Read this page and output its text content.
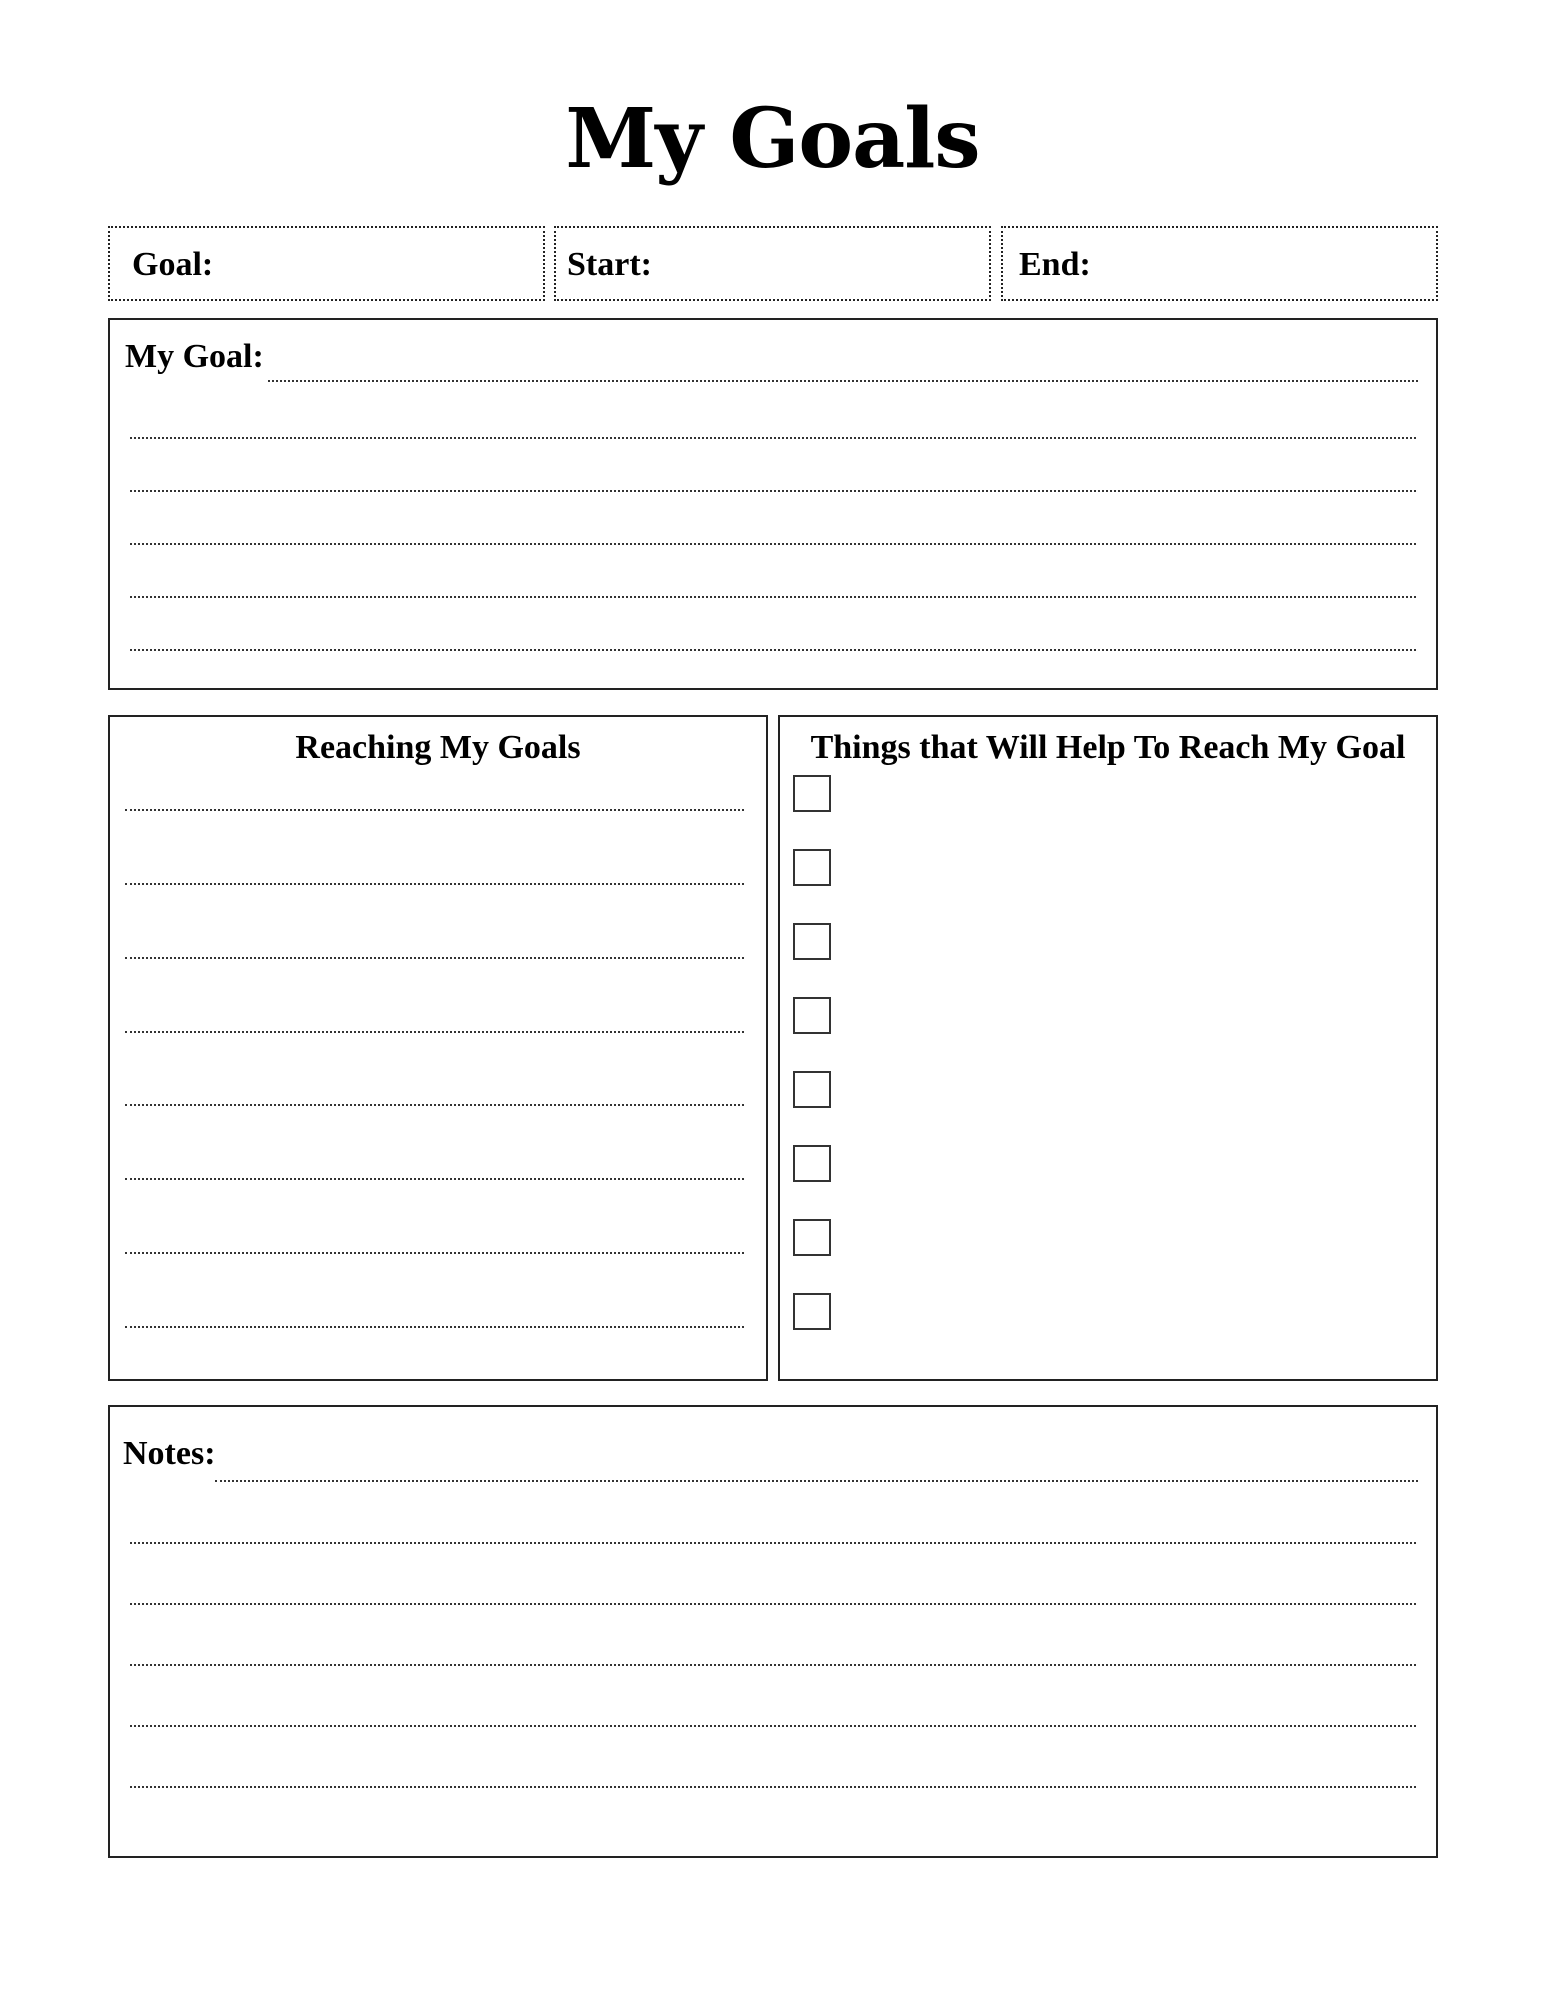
My Goals
Goal:	Start:	End:
My Goal:
Reaching My Goals	Things that Will Help To Reach My Goal
Notes:
